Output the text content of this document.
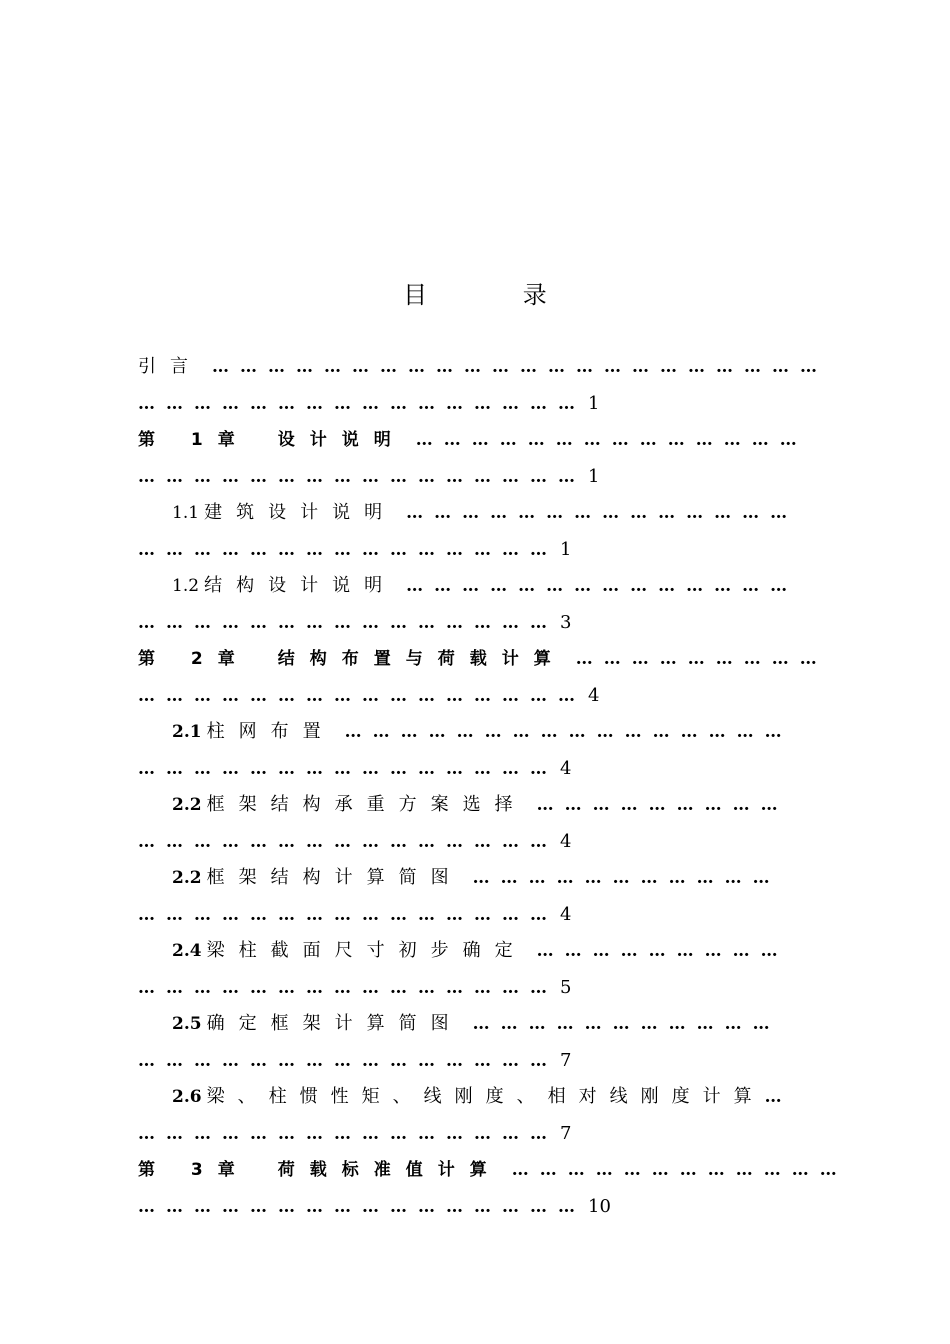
目 录
引言 …………………………………………………………
………………………………………… 1
第 1章 设计说明 ……………………………………
………………………………………… 1
1.1 建筑设计说明 ……………………………………
……………………………………… 1
1.2 结构设计说明 ……………………………………
……………………………………… 3
第 2章 结构布置与荷载计算 ………………………
………………………………………… 4
2.1 柱网布置 …………………………………………
……………………………………… 4
2.2 框架结构承重方案选择 ………………………
……………………………………… 4
2.2 框架结构计算简图 ……………………………
……………………………………… 4
2.4 梁柱截面尺寸初步确定 ………………………
……………………………………… 5
2.5 确定框架计算简图 ……………………………
……………………………………… 7
2.6 梁、柱惯性矩、线刚度、相对线刚度计算…
……………………………………… 7
第 3章 荷载标准值计算 ………………………………
………………………………………… 10
